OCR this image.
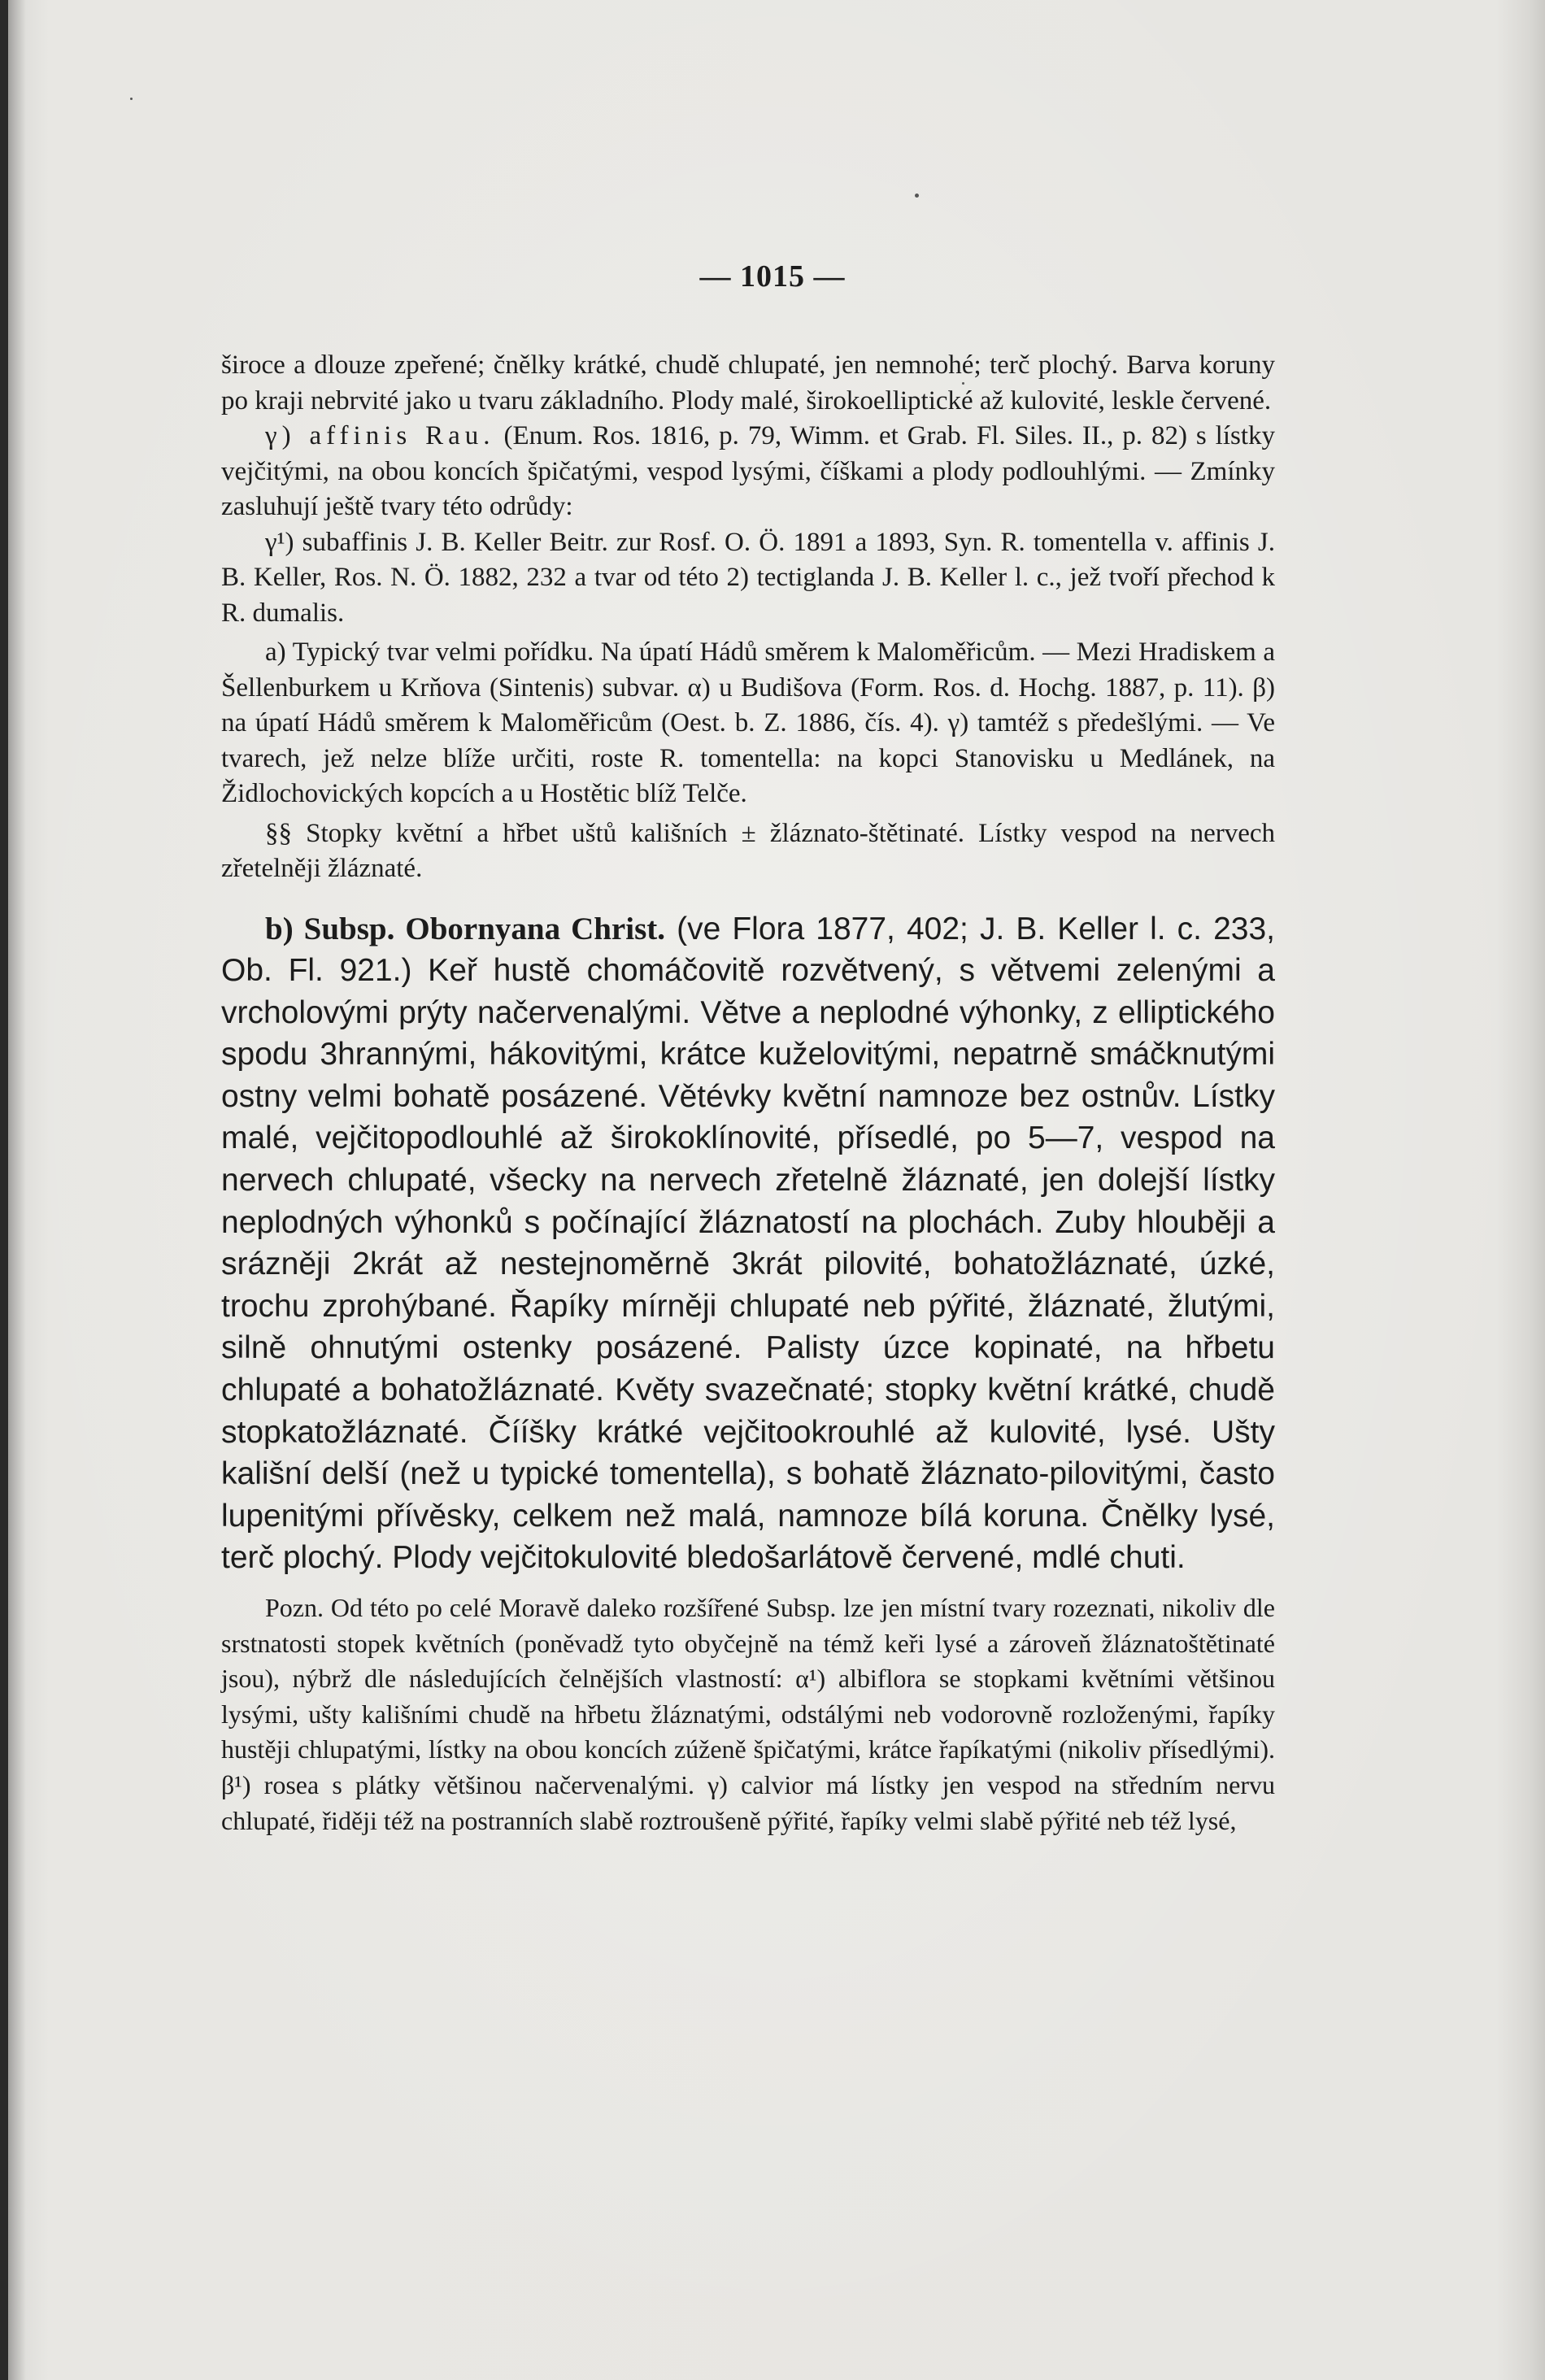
— 1015 —

široce a dlouze zpeřené; čnělky krátké, chudě chlupaté, jen nemnohé; terč plochý. Barva koruny po kraji nebrvité jako u tvaru základního. Plody malé, širokoelliptické až kulovité, leskle červené.

γ) affinis Rau. (Enum. Ros. 1816, p. 79, Wimm. et Grab. Fl. Siles. II., p. 82) s lístky vejčitými, na obou koncích špičatými, vespod lysými, číškami a plody podlouhlými. — Zmínky zasluhují ještě tvary této odrůdy:

γ¹) subaffinis J. B. Keller Beitr. zur Rosf. O. Ö. 1891 a 1893, Syn. R. tomentella v. affinis J. B. Keller, Ros. N. Ö. 1882, 232 a tvar od této 2) tectiglanda J. B. Keller l. c., jež tvoří přechod k R. dumalis.

a) Typický tvar velmi pořídku. Na úpatí Hádů směrem k Maloměřicům. — Mezi Hradiskem a Šellenburkem u Krňova (Sintenis) subvar. α) u Budišova (Form. Ros. d. Hochg. 1887, p. 11). β) na úpatí Hádů směrem k Maloměřicům (Oest. b. Z. 1886, čís. 4). γ) tamtéž s předešlými. — Ve tvarech, jež nelze blíže určiti, roste R. tomentella: na kopci Stanovisku u Medlánek, na Židlochovických kopcích a u Hostětic blíž Telče.

§§ Stopky květní a hřbet uštů kališních ± žláznato-štětinaté. Lístky vespod na nervech zřetelněji žláznaté.

b) Subsp. Obornyana Christ. (ve Flora 1877, 402; J. B. Keller l. c. 233, Ob. Fl. 921.) Keř hustě chomáčovitě rozvětvený, s větvemi zelenými a vrcholovými prýty načervenalými. Větve a neplodné výhonky, z elliptického spodu 3hrannými, hákovitými, krátce kuželovitými, nepatrně smáčknutými ostny velmi bohatě posázené. Větévky květní namnoze bez ostnův. Lístky malé, vejčitopodlouhlé až širokoklínovité, přísedlé, po 5—7, vespod na nervech chlupaté, všecky na nervech zřetelně žláznaté, jen dolejší lístky neplodných výhonků s počínající žláznatostí na plochách. Zuby hlouběji a srázněji 2krát až nestejnoměrně 3krát pilovité, bohatožláznaté, úzké, trochu zprohýbané. Řapíky mírněji chlupaté neb pýřité, žláznaté, žlutými, silně ohnutými ostenky posázené. Palisty úzce kopinaté, na hřbetu chlupaté a bohatožláznaté. Květy svazečnaté; stopky květní krátké, chudě stopkatožláznaté. Čííšky krátké vejčitookrouhlé až kulovité, lysé. Ušty kališní delší (než u typické tomentella), s bohatě žláznato-pilovitými, často lupenitými přívěsky, celkem než malá, namnoze bílá koruna. Čnělky lysé, terč plochý. Plody vejčitokulovité bledošarlátově červené, mdlé chuti.

Pozn. Od této po celé Moravě daleko rozšířené Subsp. lze jen místní tvary rozeznati, nikoliv dle srstnatosti stopek květních (poněvadž tyto obyčejně na témž keři lysé a zároveň žláznatoštětinaté jsou), nýbrž dle následujících čelnějších vlastností: α¹) albiflora se stopkami květními většinou lysými, ušty kališními chudě na hřbetu žláznatými, odstálými neb vodorovně rozloženými, řapíky hustěji chlupatými, lístky na obou koncích zúženě špičatými, krátce řapíkatými (nikoliv přísedlými). β¹) rosea s plátky většinou načervenalými. γ) calvior má lístky jen vespod na středním nervu chlupaté, řiději též na postranních slabě roztroušeně pýřité, řapíky velmi slabě pýřité neb též lysé,
